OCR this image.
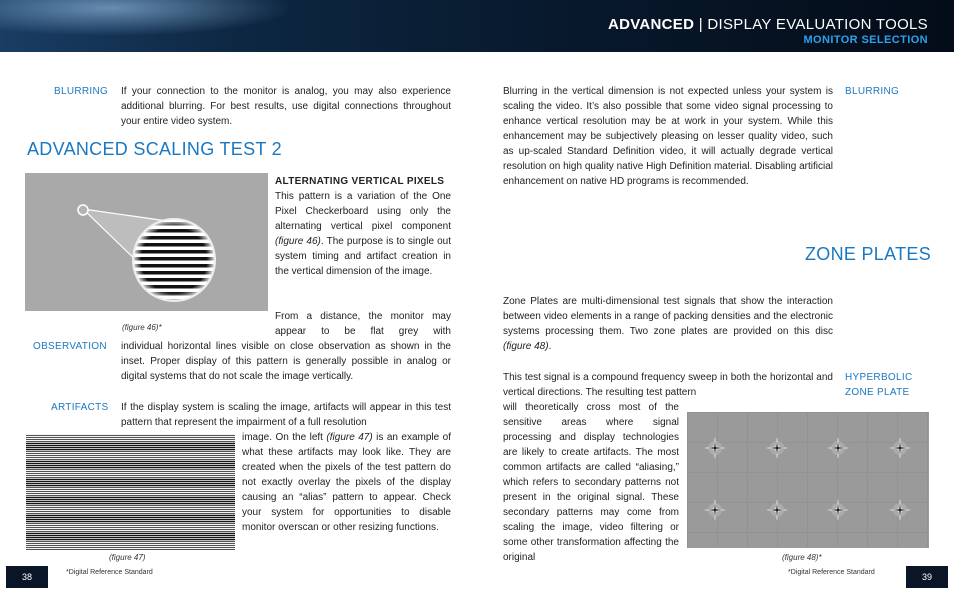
ADVANCED | DISPLAY EVALUATION TOOLS
MONITOR SELECTION
BLURRING If your connection to the monitor is analog, you may also experience additional blurring. For best results, use digital connections throughout your entire video system.
ADVANCED SCALING TEST 2
(figure 46)*
ALTERNATING VERTICAL PIXELS
This pattern is a variation of the One Pixel Checkerboard using only the alternating vertical pixel component (figure 46). The purpose is to single out system timing and artifact creation in the vertical dimension of the image.
From a distance, the monitor may appear to be flat grey with
OBSERVATION individual horizontal lines visible on close observation as shown in the inset. Proper display of this pattern is generally possible in analog or digital systems that do not scale the image vertically.
ARTIFACTS If the display system is scaling the image, artifacts will appear in this test pattern that represent the impairment of a full resolution
image. On the left (figure 47) is an example of what these artifacts may look like. They are created when the pixels of the test pattern do not exactly overlay the pixels of the display causing an “alias” pattern to appear. Check your system for opportunities to disable monitor overscan or other resizing functions.
(figure 47)
38	*Digital Reference Standard
Blurring in the vertical dimension is not expected unless your system is scaling the video. It’s also possible that some video signal processing to enhance vertical resolution may be at work in your system. While this enhancement may be subjectively pleasing on lesser quality video, such as up-scaled Standard Definition video, it will actually degrade vertical resolution on high quality native High Definition material. Disabling artificial enhancement on native HD programs is recommended.
BLURRING
ZONE PLATES
Zone Plates are multi-dimensional test signals that show the interaction between video elements in a range of packing densities and the electronic systems processing them. Two zone plates are provided on this disc (figure 48).
HYPERBOLIC
ZONE PLATE
This test signal is a compound frequency sweep in both the horizontal and vertical directions. The resulting test pattern
will theoretically cross most of the sensitive areas where signal processing and display technologies are likely to create artifacts. The most common artifacts are called “aliasing,” which refers to secondary patterns not present in the original signal. These secondary patterns may come from scaling the image, video filtering or some other transformation affecting the original	(figure 48)*
*Digital Reference Standard	39
